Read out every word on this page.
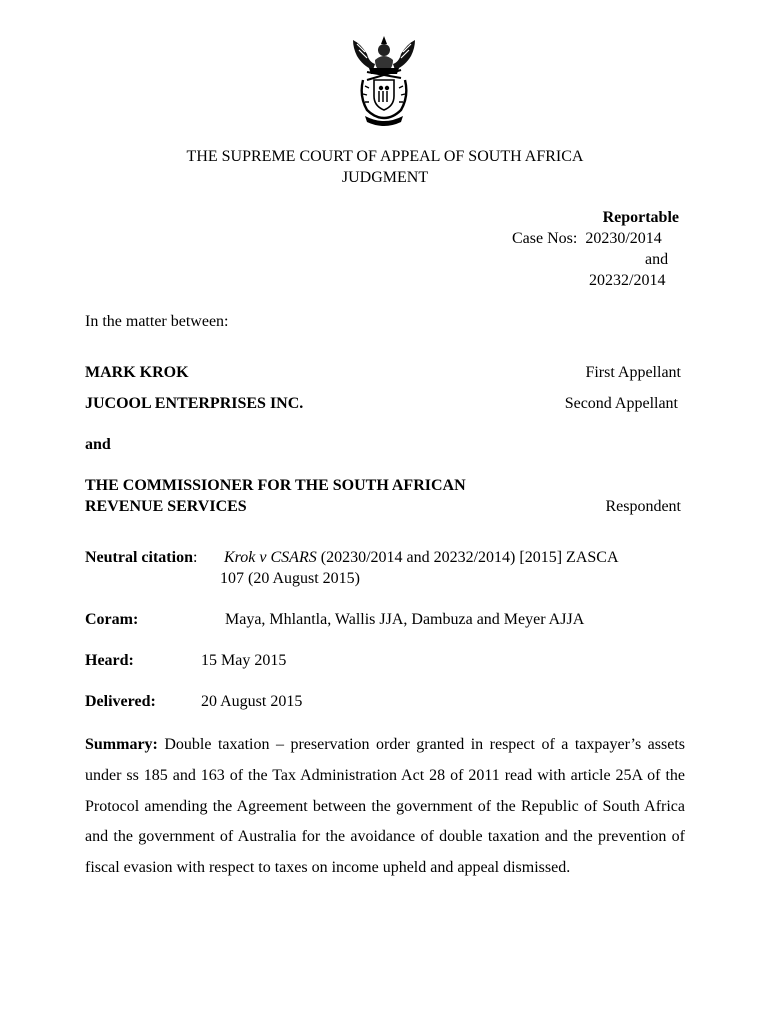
THE SUPREME COURT OF APPEAL OF SOUTH AFRICA
JUDGMENT
Reportable
Case Nos: 20230/2014
and
20232/2014
In the matter between:
MARK KROK	First Appellant
JUCOOL ENTERPRISES INC.	Second Appellant
and
THE COMMISSIONER FOR THE SOUTH AFRICAN
REVENUE SERVICES	Respondent
Neutral citation: Krok v CSARS (20230/2014 and 20232/2014) [2015] ZASCA
107 (20 August 2015)
Coram:	Maya, Mhlantla, Wallis JJA, Dambuza and Meyer AJJA
Heard:	15 May 2015
Delivered:	20 August 2015
Summary: Double taxation – preservation order granted in respect of a taxpayer’s assets under ss 185 and 163 of the Tax Administration Act 28 of 2011 read with article 25A of the Protocol amending the Agreement between the government of the Republic of South Africa and the government of Australia for the avoidance of double taxation and the prevention of fiscal evasion with respect to taxes on income upheld and appeal dismissed.
